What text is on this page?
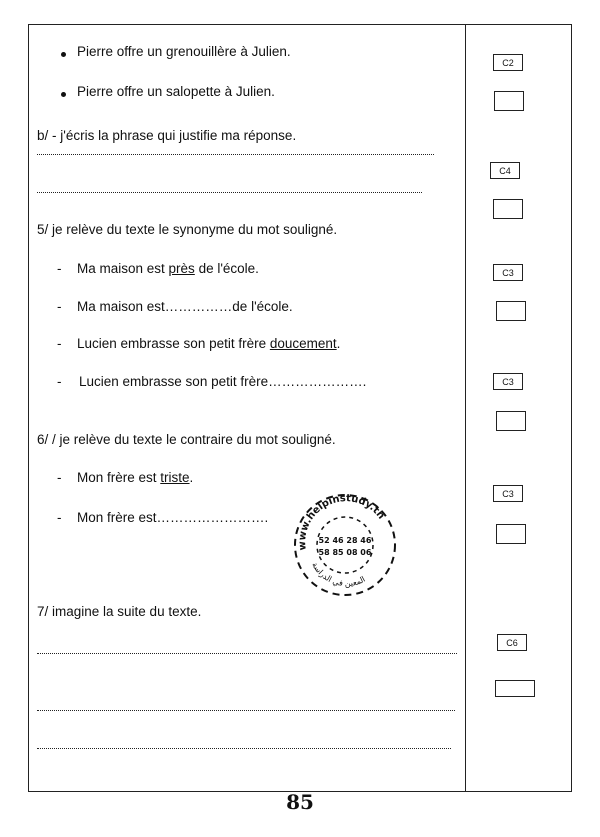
Pierre offre un grenouillère à Julien.
Pierre offre un salopette à Julien.
b/ - j'écris la phrase qui justifie ma réponse.
5/ je relève du texte le synonyme du mot souligné.
- Ma maison est près de l'école.
- Ma maison est……………de l'école.
- Lucien embrasse son petit frère doucement.
- Lucien embrasse son petit frère………………….
6/ / je relève du texte le contraire du mot souligné.
- Mon frère est triste.
- Mon frère est…………………….
7/ imagine la suite du texte.
C2
C4
C3
C3
C3
C6
www.helpinstudy.tn
52 46 28 46
58 85 08 06
المعين في الدراسة
85
